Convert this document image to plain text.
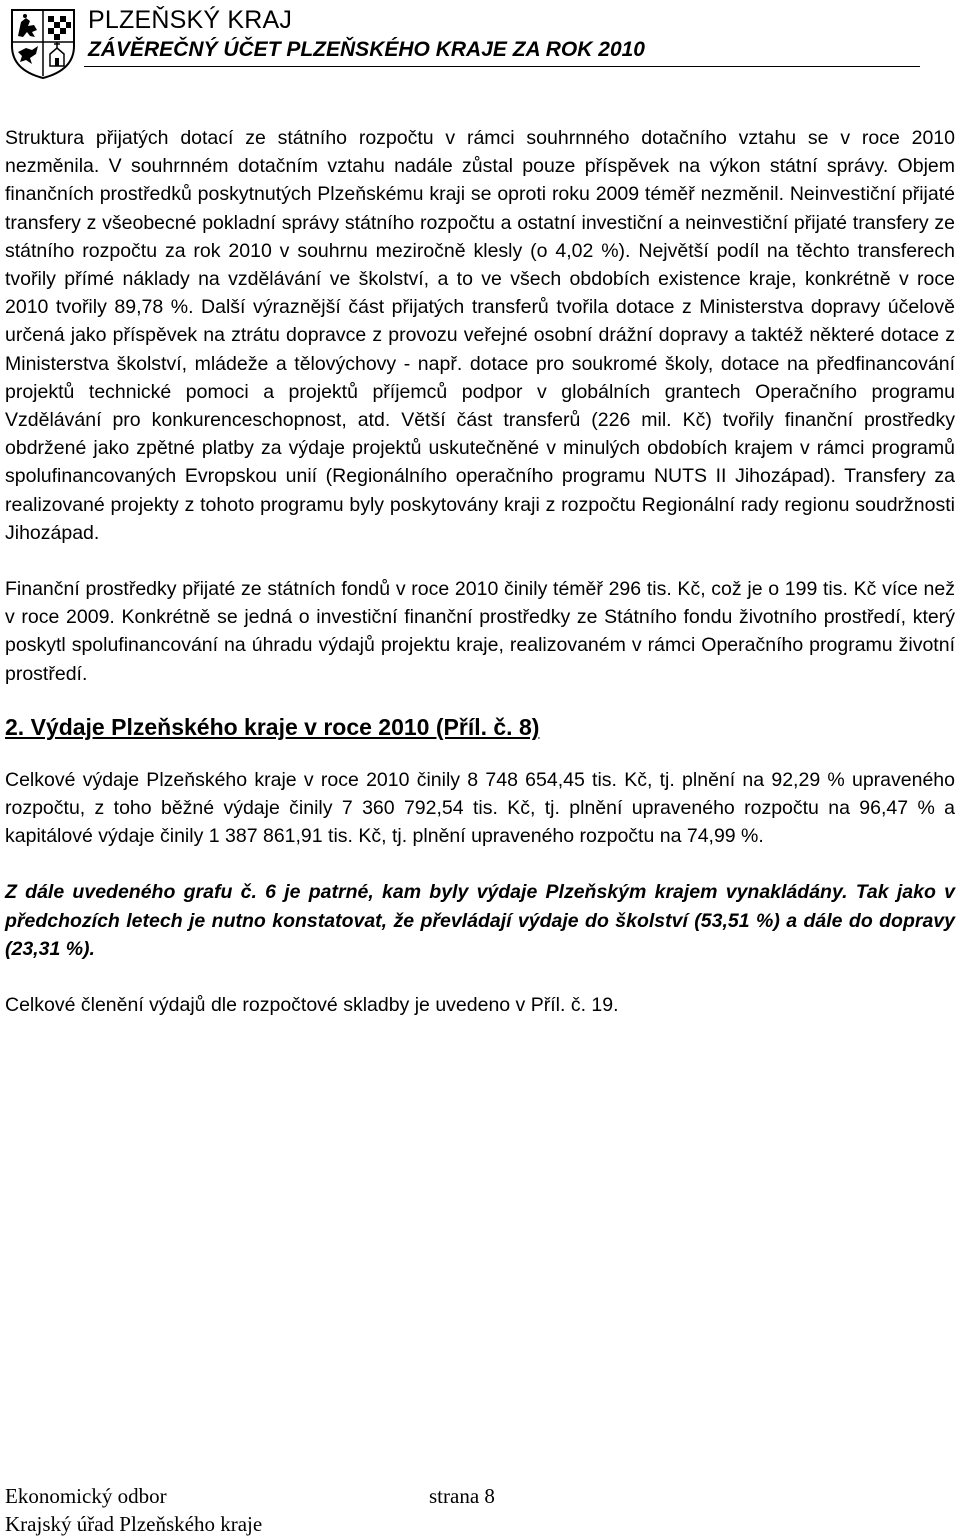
PLZEŇSKÝ KRAJ
ZÁVĚREČNÝ ÚČET PLZEŇSKÉHO KRAJE ZA ROK 2010

Struktura přijatých dotací ze státního rozpočtu v rámci souhrnného dotačního vztahu se v roce 2010 nezměnila. V souhrnném dotačním vztahu nadále zůstal pouze příspěvek na výkon státní správy. Objem finančních prostředků poskytnutých Plzeňskému kraji se oproti roku 2009 téměř nezměnil. Neinvestiční přijaté transfery z všeobecné pokladní správy státního rozpočtu a ostatní investiční a neinvestiční přijaté transfery ze státního rozpočtu za rok 2010 v souhrnu meziročně klesly (o 4,02 %). Největší podíl na těchto transferech tvořily přímé náklady na vzdělávání ve školství, a to ve všech obdobích existence kraje, konkrétně v roce 2010 tvořily 89,78 %. Další výraznější část přijatých transferů tvořila dotace z Ministerstva dopravy účelově určená jako příspěvek na ztrátu dopravce z provozu veřejné osobní drážní dopravy a taktéž některé dotace z Ministerstva školství, mládeže a tělovýchovy - např. dotace pro soukromé školy, dotace na předfinancování projektů technické pomoci a projektů příjemců podpor v globálních grantech Operačního programu Vzdělávání pro konkurenceschopnost, atd. Větší část transferů (226 mil. Kč) tvořily finanční prostředky obdržené jako zpětné platby za výdaje projektů uskutečněné v minulých obdobích krajem v rámci programů spolufinancovaných Evropskou unií (Regionálního operačního programu NUTS II Jihozápad). Transfery za realizované projekty z tohoto programu byly poskytovány kraji z rozpočtu Regionální rady regionu soudržnosti Jihozápad.

Finanční prostředky přijaté ze státních fondů v roce 2010 činily téměř 296 tis. Kč, což je o 199 tis. Kč více než v roce 2009. Konkrétně se jedná o investiční finanční prostředky ze Státního fondu životního prostředí, který poskytl spolufinancování na úhradu výdajů projektu kraje, realizovaném v rámci Operačního programu životní prostředí.

2. Výdaje Plzeňského kraje v roce 2010 (Příl. č. 8)

Celkové výdaje Plzeňského kraje v roce 2010 činily 8 748 654,45 tis. Kč, tj. plnění na 92,29 % upraveného rozpočtu, z toho běžné výdaje činily 7 360 792,54 tis. Kč, tj. plnění upraveného rozpočtu na 96,47 % a kapitálové výdaje činily 1 387 861,91 tis. Kč, tj. plnění upraveného rozpočtu na 74,99 %.

Z dále uvedeného grafu č. 6 je patrné, kam byly výdaje Plzeňským krajem vynakládány. Tak jako v předchozích letech je nutno konstatovat, že převládají výdaje do školství (53,51 %) a dále do dopravy (23,31 %).

Celkové členění výdajů dle rozpočtové skladby je uvedeno v Příl. č. 19.

Ekonomický odbor	strana 8
Krajský úřad Plzeňského kraje
